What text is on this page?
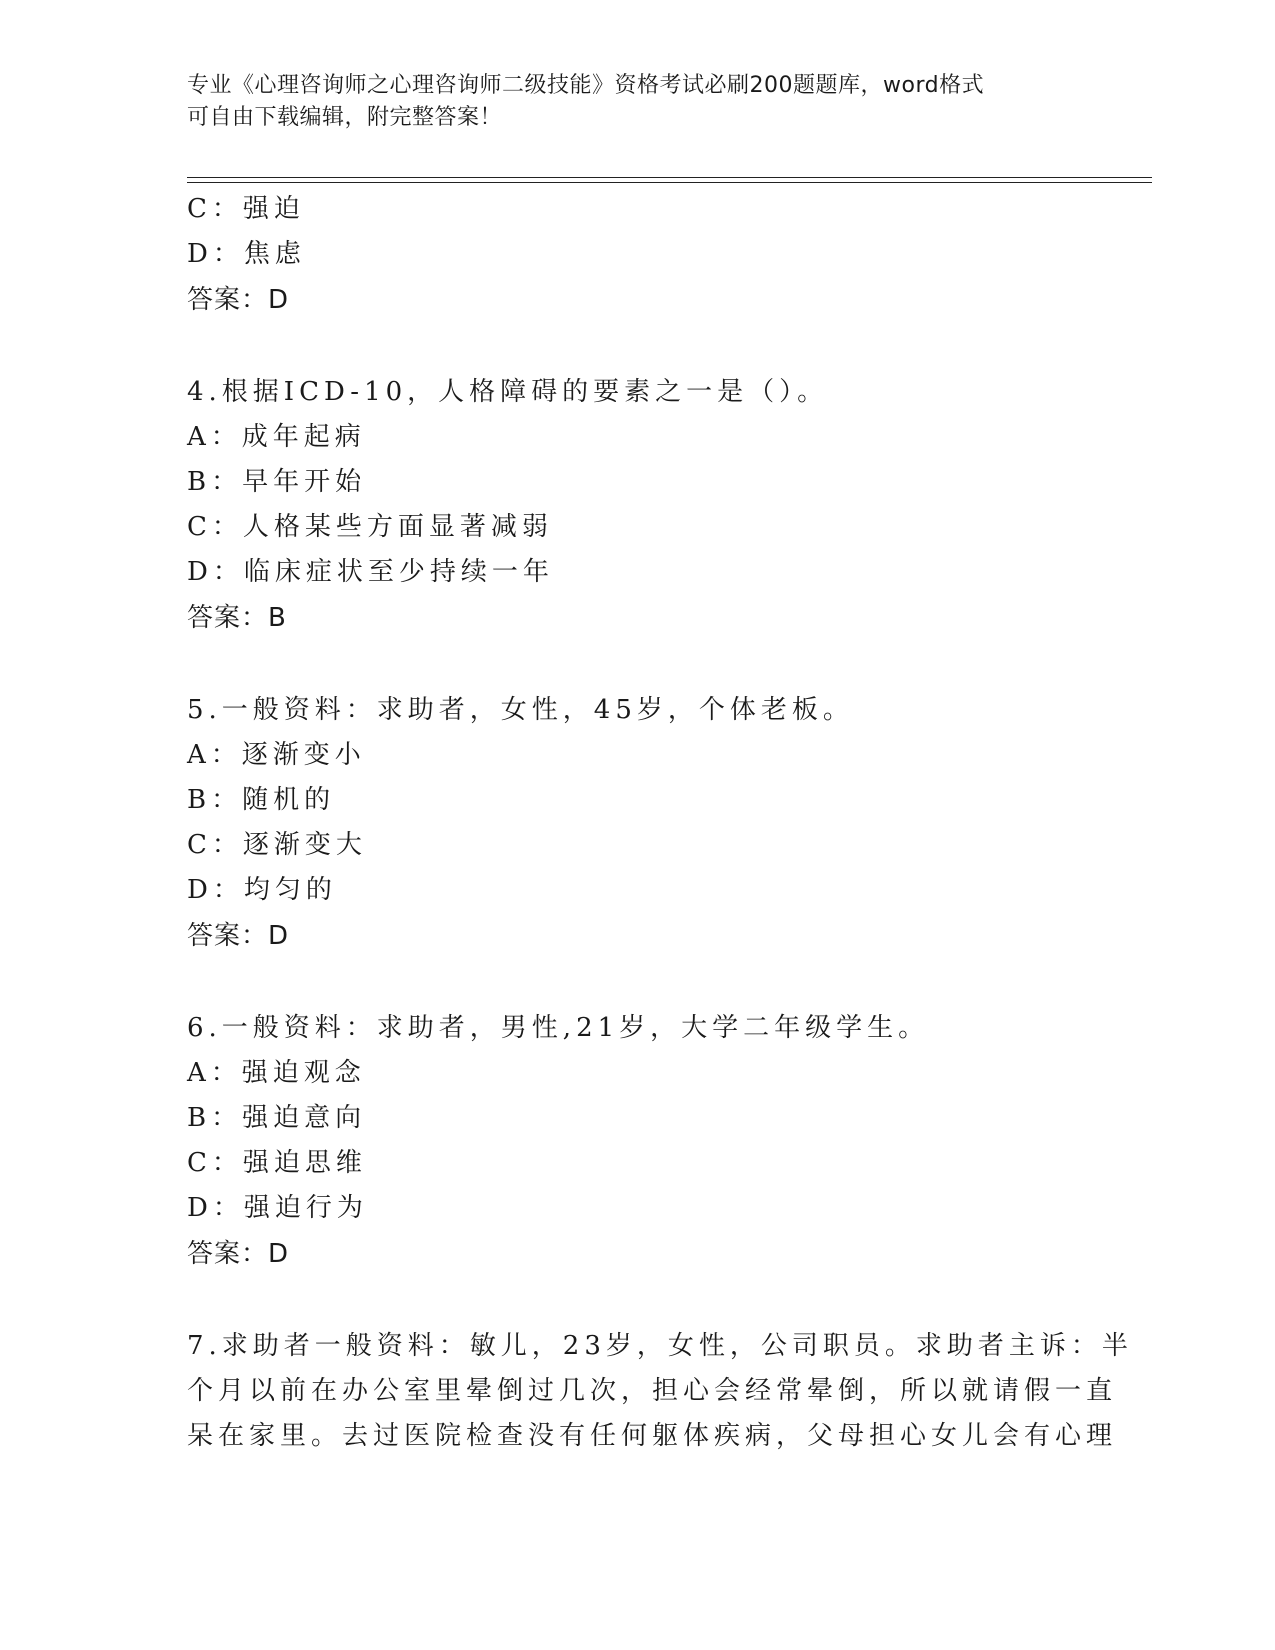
专业《心理咨询师之心理咨询师二级技能》资格考试必刷200题题库，word格式
可自由下载编辑，附完整答案！
C：强迫
D：焦虑
答案：D
4.根据ICD-10，人格障碍的要素之一是（）。
A：成年起病
B：早年开始
C：人格某些方面显著减弱
D：临床症状至少持续一年
答案：B
5.一般资料：求助者，女性，45岁，个体老板。
A：逐渐变小
B：随机的
C：逐渐变大
D：均匀的
答案：D
6.一般资料：求助者，男性,21岁，大学二年级学生。
A：强迫观念
B：强迫意向
C：强迫思维
D：强迫行为
答案：D
7.求助者一般资料：敏儿，23岁，女性，公司职员。求助者主诉：半
个月以前在办公室里晕倒过几次，担心会经常晕倒，所以就请假一直
呆在家里。去过医院检查没有任何躯体疾病，父母担心女儿会有心理
